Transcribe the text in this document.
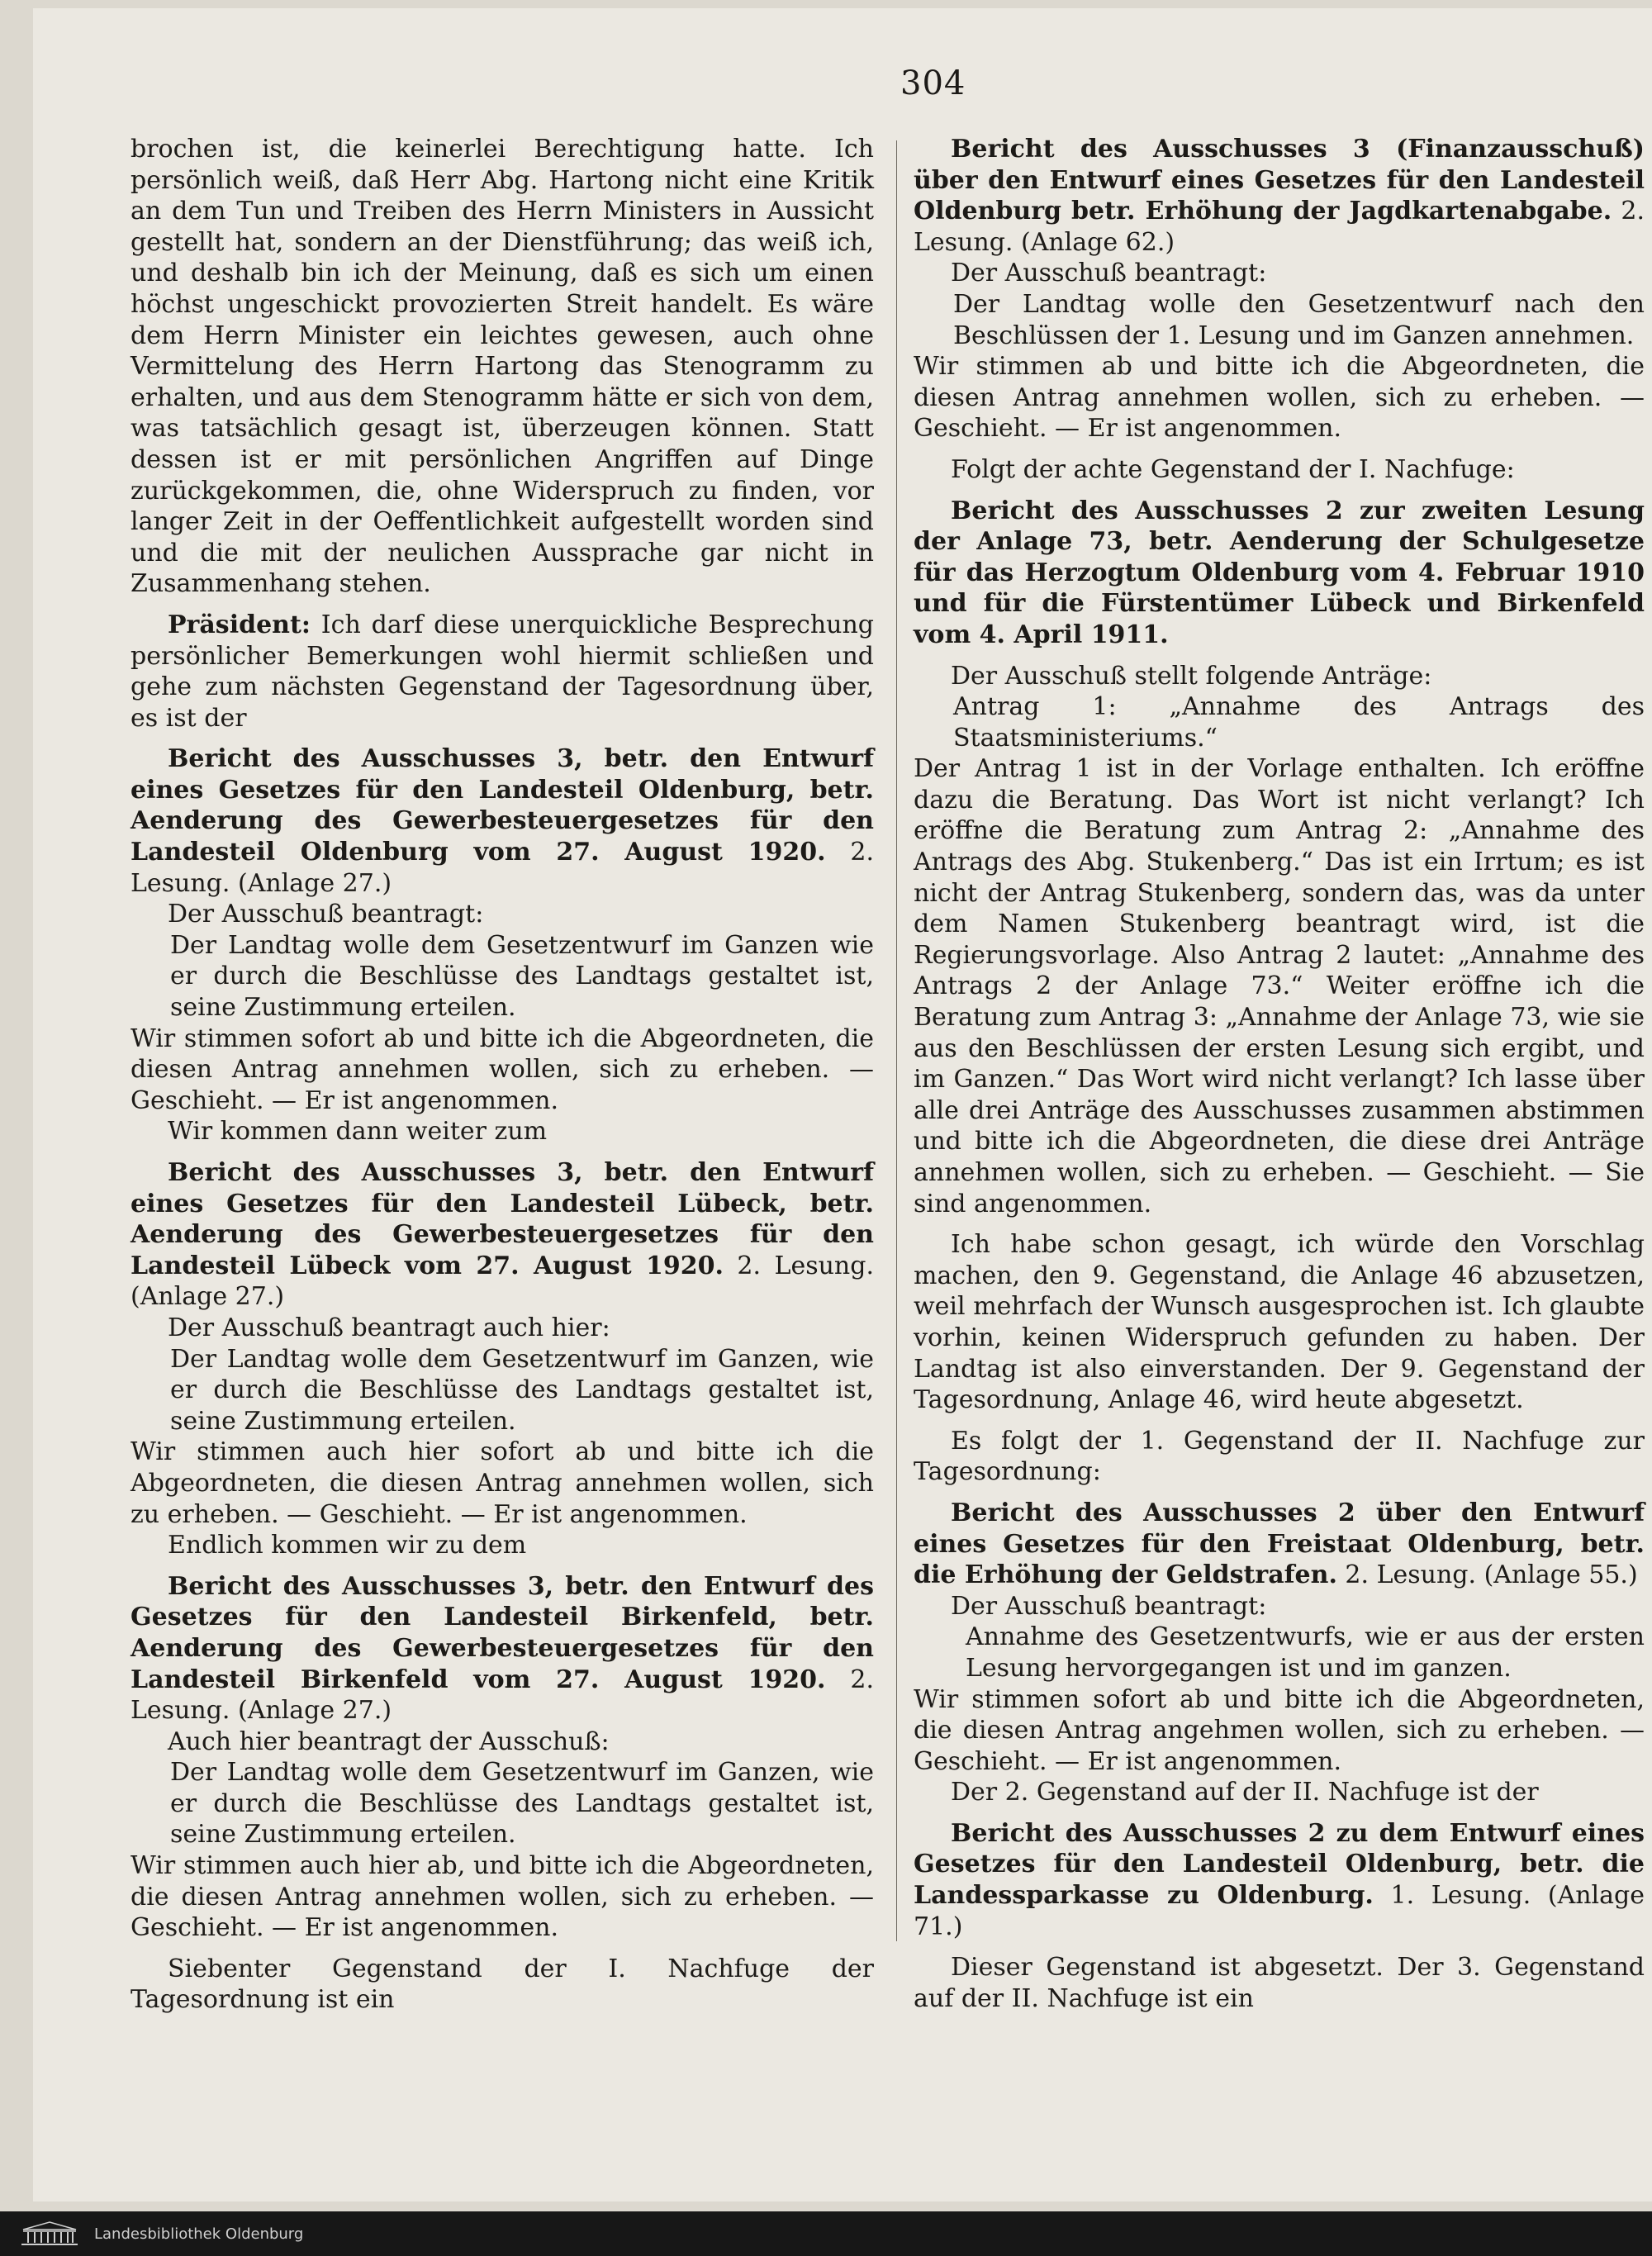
304

brochen ist, die keinerlei Berechtigung hatte. Ich persönlich weiß, daß Herr Abg. Hartong nicht eine Kritik an dem Tun und Treiben des Herrn Ministers in Aussicht gestellt hat, sondern an der Dienstführung; das weiß ich, und deshalb bin ich der Meinung, daß es sich um einen höchst ungeschickt provozierten Streit handelt. Es wäre dem Herrn Minister ein leichtes gewesen, auch ohne Vermittelung des Herrn Hartong das Stenogramm zu erhalten, und aus dem Stenogramm hätte er sich von dem, was tatsächlich gesagt ist, überzeugen können. Statt dessen ist er mit persönlichen Angriffen auf Dinge zurückgekommen, die, ohne Widerspruch zu finden, vor langer Zeit in der Oeffentlichkeit aufgestellt worden sind und die mit der neulichen Aussprache gar nicht in Zusammenhang stehen.

Präsident: Ich darf diese unerquickliche Besprechung persönlicher Bemerkungen wohl hiermit schließen und gehe zum nächsten Gegenstand der Tagesordnung über, es ist der

Bericht des Ausschusses 3, betr. den Entwurf eines Gesetzes für den Landesteil Oldenburg, betr. Aenderung des Gewerbesteuergesetzes für den Landesteil Oldenburg vom 27. August 1920. 2. Lesung. (Anlage 27.)

Der Ausschuß beantragt:

Der Landtag wolle dem Gesetzentwurf im Ganzen wie er durch die Beschlüsse des Landtags gestaltet ist, seine Zustimmung erteilen.

Wir stimmen sofort ab und bitte ich die Abgeordneten, die diesen Antrag annehmen wollen, sich zu erheben. — Geschieht. — Er ist angenommen.

Wir kommen dann weiter zum

Bericht des Ausschusses 3, betr. den Entwurf eines Gesetzes für den Landesteil Lübeck, betr. Aenderung des Gewerbesteuergesetzes für den Landesteil Lübeck vom 27. August 1920. 2. Lesung. (Anlage 27.)

Der Ausschuß beantragt auch hier:

Der Landtag wolle dem Gesetzentwurf im Ganzen, wie er durch die Beschlüsse des Landtags gestaltet ist, seine Zustimmung erteilen.

Wir stimmen auch hier sofort ab und bitte ich die Abgeordneten, die diesen Antrag annehmen wollen, sich zu erheben. — Geschieht. — Er ist angenommen.

Endlich kommen wir zu dem

Bericht des Ausschusses 3, betr. den Entwurf des Gesetzes für den Landesteil Birkenfeld, betr. Aenderung des Gewerbesteuergesetzes für den Landesteil Birkenfeld vom 27. August 1920. 2. Lesung. (Anlage 27.)

Auch hier beantragt der Ausschuß:

Der Landtag wolle dem Gesetzentwurf im Ganzen, wie er durch die Beschlüsse des Landtags gestaltet ist, seine Zustimmung erteilen.

Wir stimmen auch hier ab, und bitte ich die Abgeordneten, die diesen Antrag annehmen wollen, sich zu erheben. — Geschieht. — Er ist angenommen.

Siebenter Gegenstand der I. Nachfuge der Tagesordnung ist ein

Bericht des Ausschusses 3 (Finanzausschuß) über den Entwurf eines Gesetzes für den Landesteil Oldenburg betr. Erhöhung der Jagdkartenabgabe. 2. Lesung. (Anlage 62.)

Der Ausschuß beantragt:

Der Landtag wolle den Gesetzentwurf nach den Beschlüssen der 1. Lesung und im Ganzen annehmen.

Wir stimmen ab und bitte ich die Abgeordneten, die diesen Antrag annehmen wollen, sich zu erheben. — Geschieht. — Er ist angenommen.

Folgt der achte Gegenstand der I. Nachfuge:

Bericht des Ausschusses 2 zur zweiten Lesung der Anlage 73, betr. Aenderung der Schulgesetze für das Herzogtum Oldenburg vom 4. Februar 1910 und für die Fürstentümer Lübeck und Birkenfeld vom 4. April 1911.

Der Ausschuß stellt folgende Anträge:

Antrag 1: „Annahme des Antrags des Staatsministeriums.“

Der Antrag 1 ist in der Vorlage enthalten. Ich eröffne dazu die Beratung. Das Wort ist nicht verlangt? Ich eröffne die Beratung zum Antrag 2: „Annahme des Antrags des Abg. Stukenberg.“ Das ist ein Irrtum; es ist nicht der Antrag Stukenberg, sondern das, was da unter dem Namen Stukenberg beantragt wird, ist die Regierungsvorlage. Also Antrag 2 lautet: „Annahme des Antrags 2 der Anlage 73.“ Weiter eröffne ich die Beratung zum Antrag 3: „Annahme der Anlage 73, wie sie aus den Beschlüssen der ersten Lesung sich ergibt, und im Ganzen.“ Das Wort wird nicht verlangt? Ich lasse über alle drei Anträge des Ausschusses zusammen abstimmen und bitte ich die Abgeordneten, die diese drei Anträge annehmen wollen, sich zu erheben. — Geschieht. — Sie sind angenommen.

Ich habe schon gesagt, ich würde den Vorschlag machen, den 9. Gegenstand, die Anlage 46 abzusetzen, weil mehrfach der Wunsch ausgesprochen ist. Ich glaubte vorhin, keinen Widerspruch gefunden zu haben. Der Landtag ist also einverstanden. Der 9. Gegenstand der Tagesordnung, Anlage 46, wird heute abgesetzt.

Es folgt der 1. Gegenstand der II. Nachfuge zur Tagesordnung:

Bericht des Ausschusses 2 über den Entwurf eines Gesetzes für den Freistaat Oldenburg, betr. die Erhöhung der Geldstrafen. 2. Lesung. (Anlage 55.)

Der Ausschuß beantragt:

Annahme des Gesetzentwurfs, wie er aus der ersten Lesung hervorgegangen ist und im ganzen.

Wir stimmen sofort ab und bitte ich die Abgeordneten, die diesen Antrag angehmen wollen, sich zu erheben. — Geschieht. — Er ist angenommen.

Der 2. Gegenstand auf der II. Nachfuge ist der

Bericht des Ausschusses 2 zu dem Entwurf eines Gesetzes für den Landesteil Oldenburg, betr. die Landessparkasse zu Oldenburg. 1. Lesung. (Anlage 71.)

Dieser Gegenstand ist abgesetzt. Der 3. Gegenstand auf der II. Nachfuge ist ein

Landesbibliothek Oldenburg
